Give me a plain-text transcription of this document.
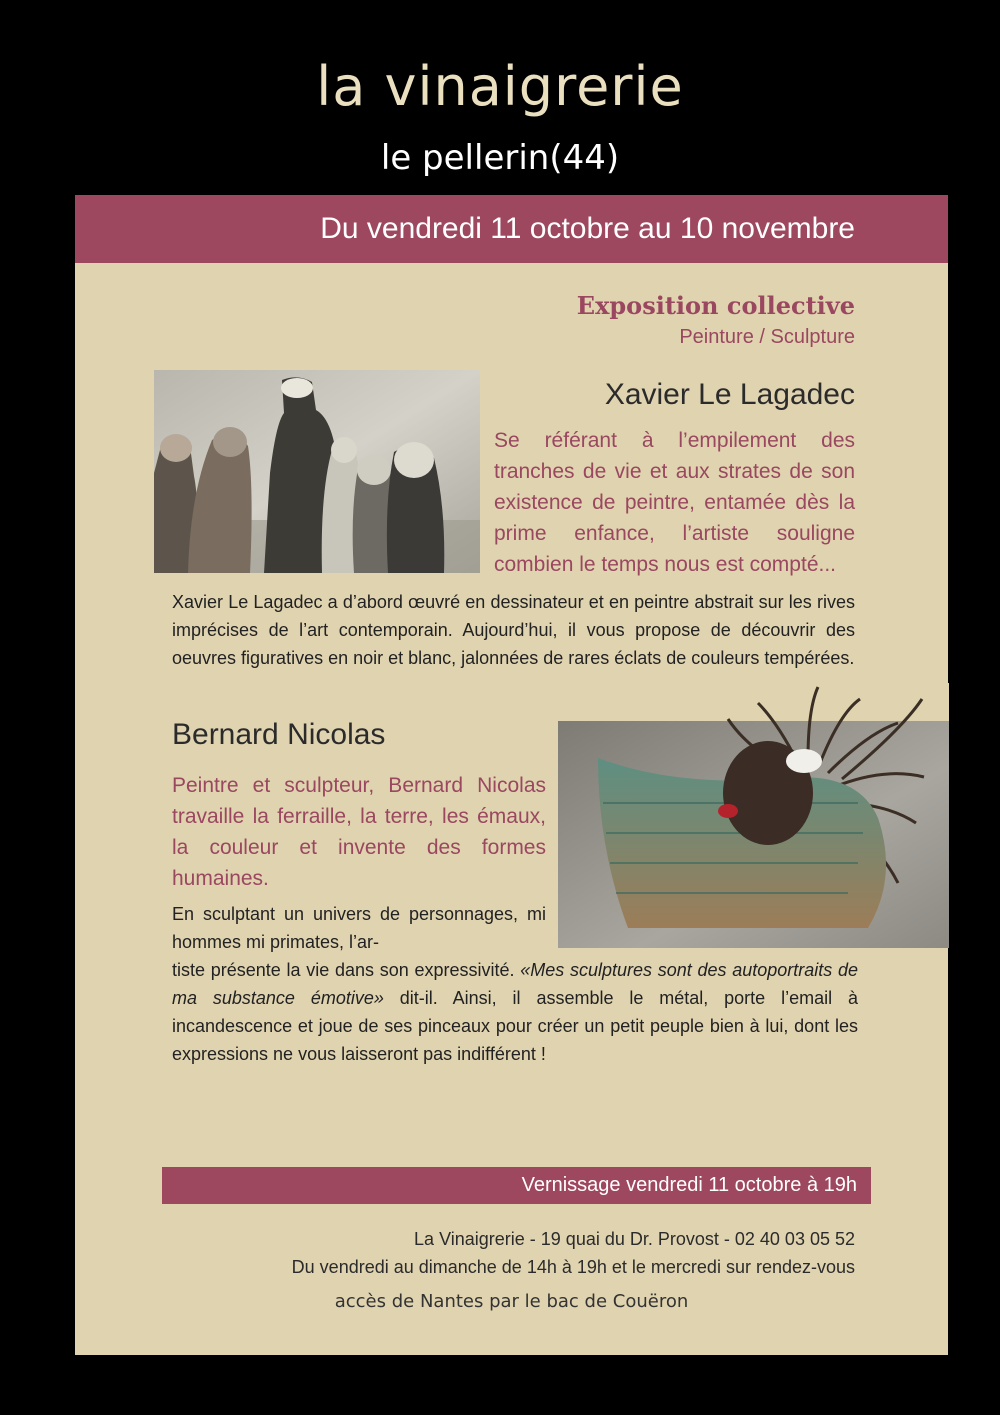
la vinaigrerie
le pellerin(44)
Du vendredi 11 octobre au 10 novembre
Exposition collective
Peinture / Sculpture
Xavier Le Lagadec
Se référant à l’empilement des tranches de vie et aux strates de son existence de peintre, entamée dès la prime enfance, l’artiste souligne combien le temps nous est compté...
Xavier Le Lagadec a d’abord œuvré en dessinateur et en peintre abstrait sur les rives imprécises de l’art contemporain. Aujourd’hui, il vous propose de découvrir des oeuvres figuratives en noir et blanc, jalonnées de rares éclats de couleurs tempérées.
Bernard Nicolas
Peintre et sculpteur, Bernard Nicolas travaille la ferraille, la terre, les émaux, la couleur et invente des formes humaines.
En sculptant un univers de personnages, mi hommes mi primates, l’ar-
tiste présente la vie dans son expressivité. «Mes sculptures sont des autoportraits de ma substance émotive» dit-il. Ainsi, il assemble le métal, porte l’email à incandescence et joue de ses pinceaux pour créer un petit peuple bien à lui, dont les expressions ne vous laisseront pas indifférent !
Vernissage vendredi 11 octobre à 19h
La Vinaigrerie - 19 quai du Dr. Provost - 02 40 03 05 52
Du vendredi au dimanche de 14h à 19h et le mercredi sur rendez-vous
accès de Nantes par le bac de Couëron
